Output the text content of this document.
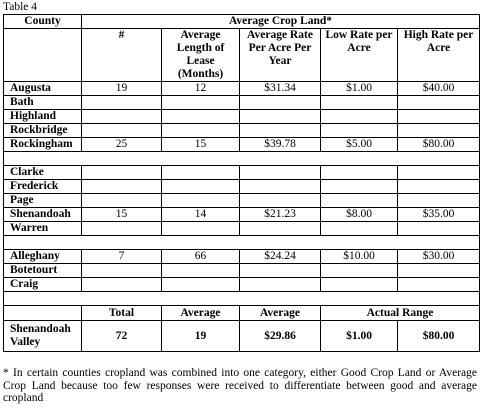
Table 4
County	Average Crop Land*				
	#	Average Length of Lease (Months)	Average Rate Per Acre Per Year	Low Rate per Acre	High Rate per Acre
Augusta	19	12	$31.34	$1.00	$40.00
Bath					
Highland					
Rockbridge					
Rockingham	25	15	$39.78	$5.00	$80.00

Clarke					
Frederick					
Page					
Shenandoah	15	14	$21.23	$8.00	$35.00
Warren					

Alleghany	7	66	$24.24	$10.00	$30.00
Botetourt					
Craig					

	Total	Average	Average	Actual Range	
Shenandoah Valley	72	19	$29.86	$1.00	$80.00
* In certain counties cropland was combined into one category, either Good Crop Land or Average Crop Land because too few responses were received to differentiate between good and average cropland
